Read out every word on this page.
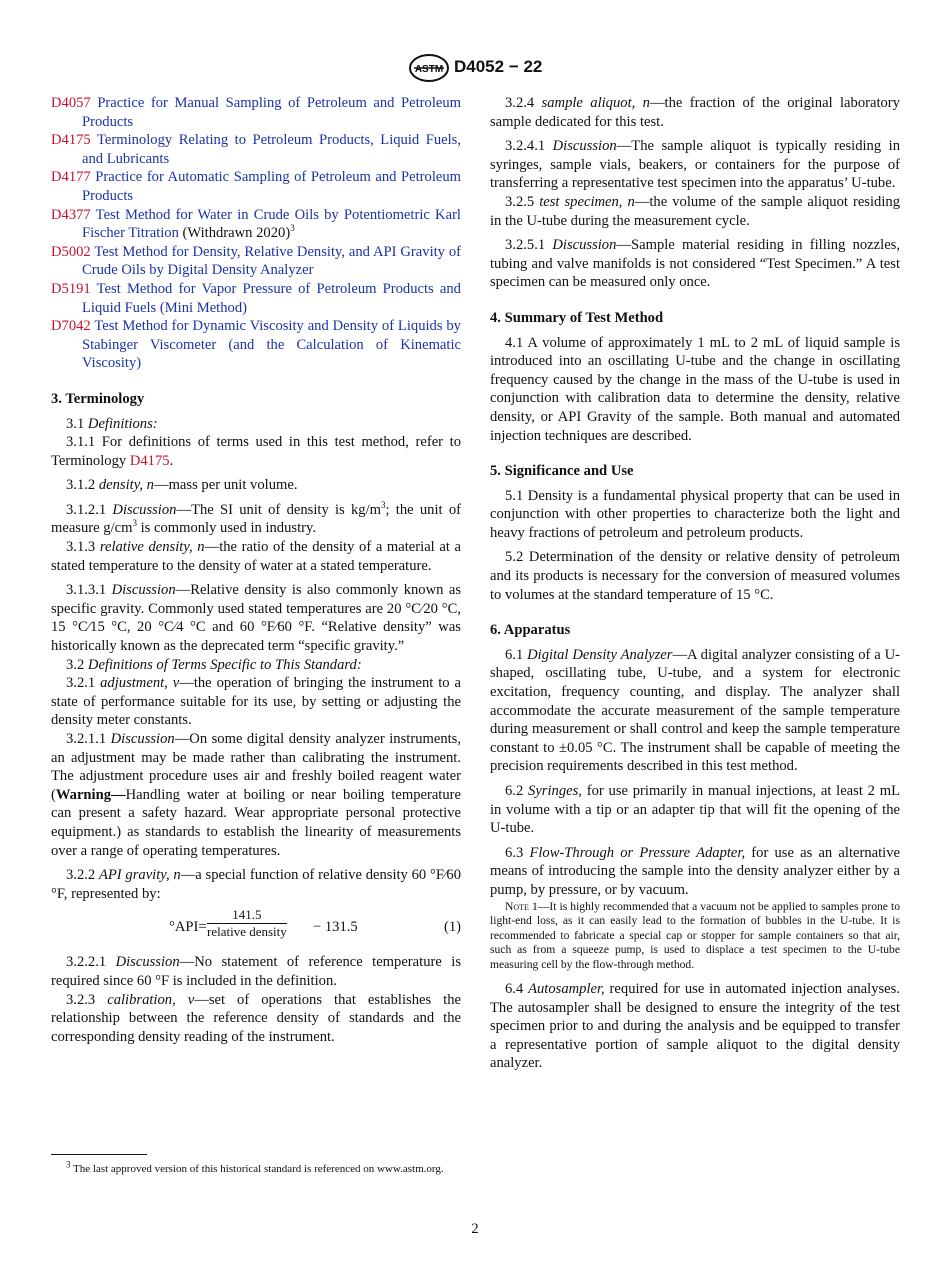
ASTM D4052 − 22
D4057 Practice for Manual Sampling of Petroleum and Petroleum Products
D4175 Terminology Relating to Petroleum Products, Liquid Fuels, and Lubricants
D4177 Practice for Automatic Sampling of Petroleum and Petroleum Products
D4377 Test Method for Water in Crude Oils by Potentiometric Karl Fischer Titration (Withdrawn 2020)$^3$
D5002 Test Method for Density, Relative Density, and API Gravity of Crude Oils by Digital Density Analyzer
D5191 Test Method for Vapor Pressure of Petroleum Products and Liquid Fuels (Mini Method)
D7042 Test Method for Dynamic Viscosity and Density of Liquids by Stabinger Viscometer (and the Calculation of Kinematic Viscosity)
3. Terminology

3.1 Definitions:

3.1.1 For definitions of terms used in this test method, refer to Terminology D4175.

3.1.2 density, n—mass per unit volume.

3.1.2.1 Discussion—The SI unit of density is $kg/m^3$; the unit of measure $g/cm^3$ is commonly used in industry.

3.1.3 relative density, n—the ratio of the density of a material at a stated temperature to the density of water at a stated temperature.

3.1.3.1 Discussion—Relative density is also commonly known as specific gravity. Commonly used stated temperatures are 20 °C⁄20 °C, 15 °C⁄15 °C, 20 °C⁄4 °C and 60 °F⁄60 °F. “Relative density” was historically known as the deprecated term “specific gravity.”

3.2 Definitions of Terms Specific to This Standard:

3.2.1 adjustment, v—the operation of bringing the instrument to a state of performance suitable for its use, by setting or adjusting the density meter constants.

3.2.1.1 Discussion—On some digital density analyzer instruments, an adjustment may be made rather than calibrating the instrument. The adjustment procedure uses air and freshly boiled reagent water (Warning—Handling water at boiling or near boiling temperature can present a safety hazard. Wear appropriate personal protective equipment.) as standards to establish the linearity of measurements over a range of operating temperatures.

3.2.2 API gravity, n—a special function of relative density 60 °F⁄60 °F, represented by:

°API=
141.5
relative density − 131.5	(1)

3.2.2.1 Discussion—No statement of reference temperature is required since 60 °F is included in the definition.

3.2.3 calibration, v—set of operations that establishes the relationship between the reference density of standards and the corresponding density reading of the instrument.

$^3$ The last approved version of this historical standard is referenced on www.astm.org.

3.2.4 sample aliquot, n—the fraction of the original laboratory sample dedicated for this test.

3.2.4.1 Discussion—The sample aliquot is typically residing in syringes, sample vials, beakers, or containers for the purpose of transferring a representative test specimen into the apparatus’ U-tube.

3.2.5 test specimen, n—the volume of the sample aliquot residing in the U-tube during the measurement cycle.

3.2.5.1 Discussion—Sample material residing in filling nozzles, tubing and valve manifolds is not considered “Test Specimen.” A test specimen can be measured only once.

4. Summary of Test Method

4.1 A volume of approximately 1 mL to 2 mL of liquid sample is introduced into an oscillating U-tube and the change in oscillating frequency caused by the change in the mass of the U-tube is used in conjunction with calibration data to determine the density, relative density, or API Gravity of the sample. Both manual and automated injection techniques are described.

5. Significance and Use

5.1 Density is a fundamental physical property that can be used in conjunction with other properties to characterize both the light and heavy fractions of petroleum and petroleum products.

5.2 Determination of the density or relative density of petroleum and its products is necessary for the conversion of measured volumes to volumes at the standard temperature of 15 °C.

6. Apparatus

6.1 Digital Density Analyzer—A digital analyzer consisting of a U-shaped, oscillating tube, U-tube, and a system for electronic excitation, frequency counting, and display. The analyzer shall accommodate the accurate measurement of the sample temperature during measurement or shall control and keep the sample temperature constant to ±0.05 °C. The instrument shall be capable of meeting the precision requirements described in this test method.

6.2 Syringes, for use primarily in manual injections, at least 2 mL in volume with a tip or an adapter tip that will fit the opening of the U-tube.

6.3 Flow-Through or Pressure Adapter, for use as an alternative means of introducing the sample into the density analyzer either by a pump, by pressure, or by vacuum.

Note 1—It is highly recommended that a vacuum not be applied to samples prone to light-end loss, as it can easily lead to the formation of bubbles in the U-tube. It is recommended to fabricate a special cap or stopper for sample containers so that air, such as from a squeeze pump, is used to displace a test specimen to the U-tube measuring cell by the flow-through method.

6.4 Autosampler, required for use in automated injection analyses. The autosampler shall be designed to ensure the integrity of the test specimen prior to and during the analysis and be equipped to transfer a representative portion of sample aliquot to the digital density analyzer.

2
